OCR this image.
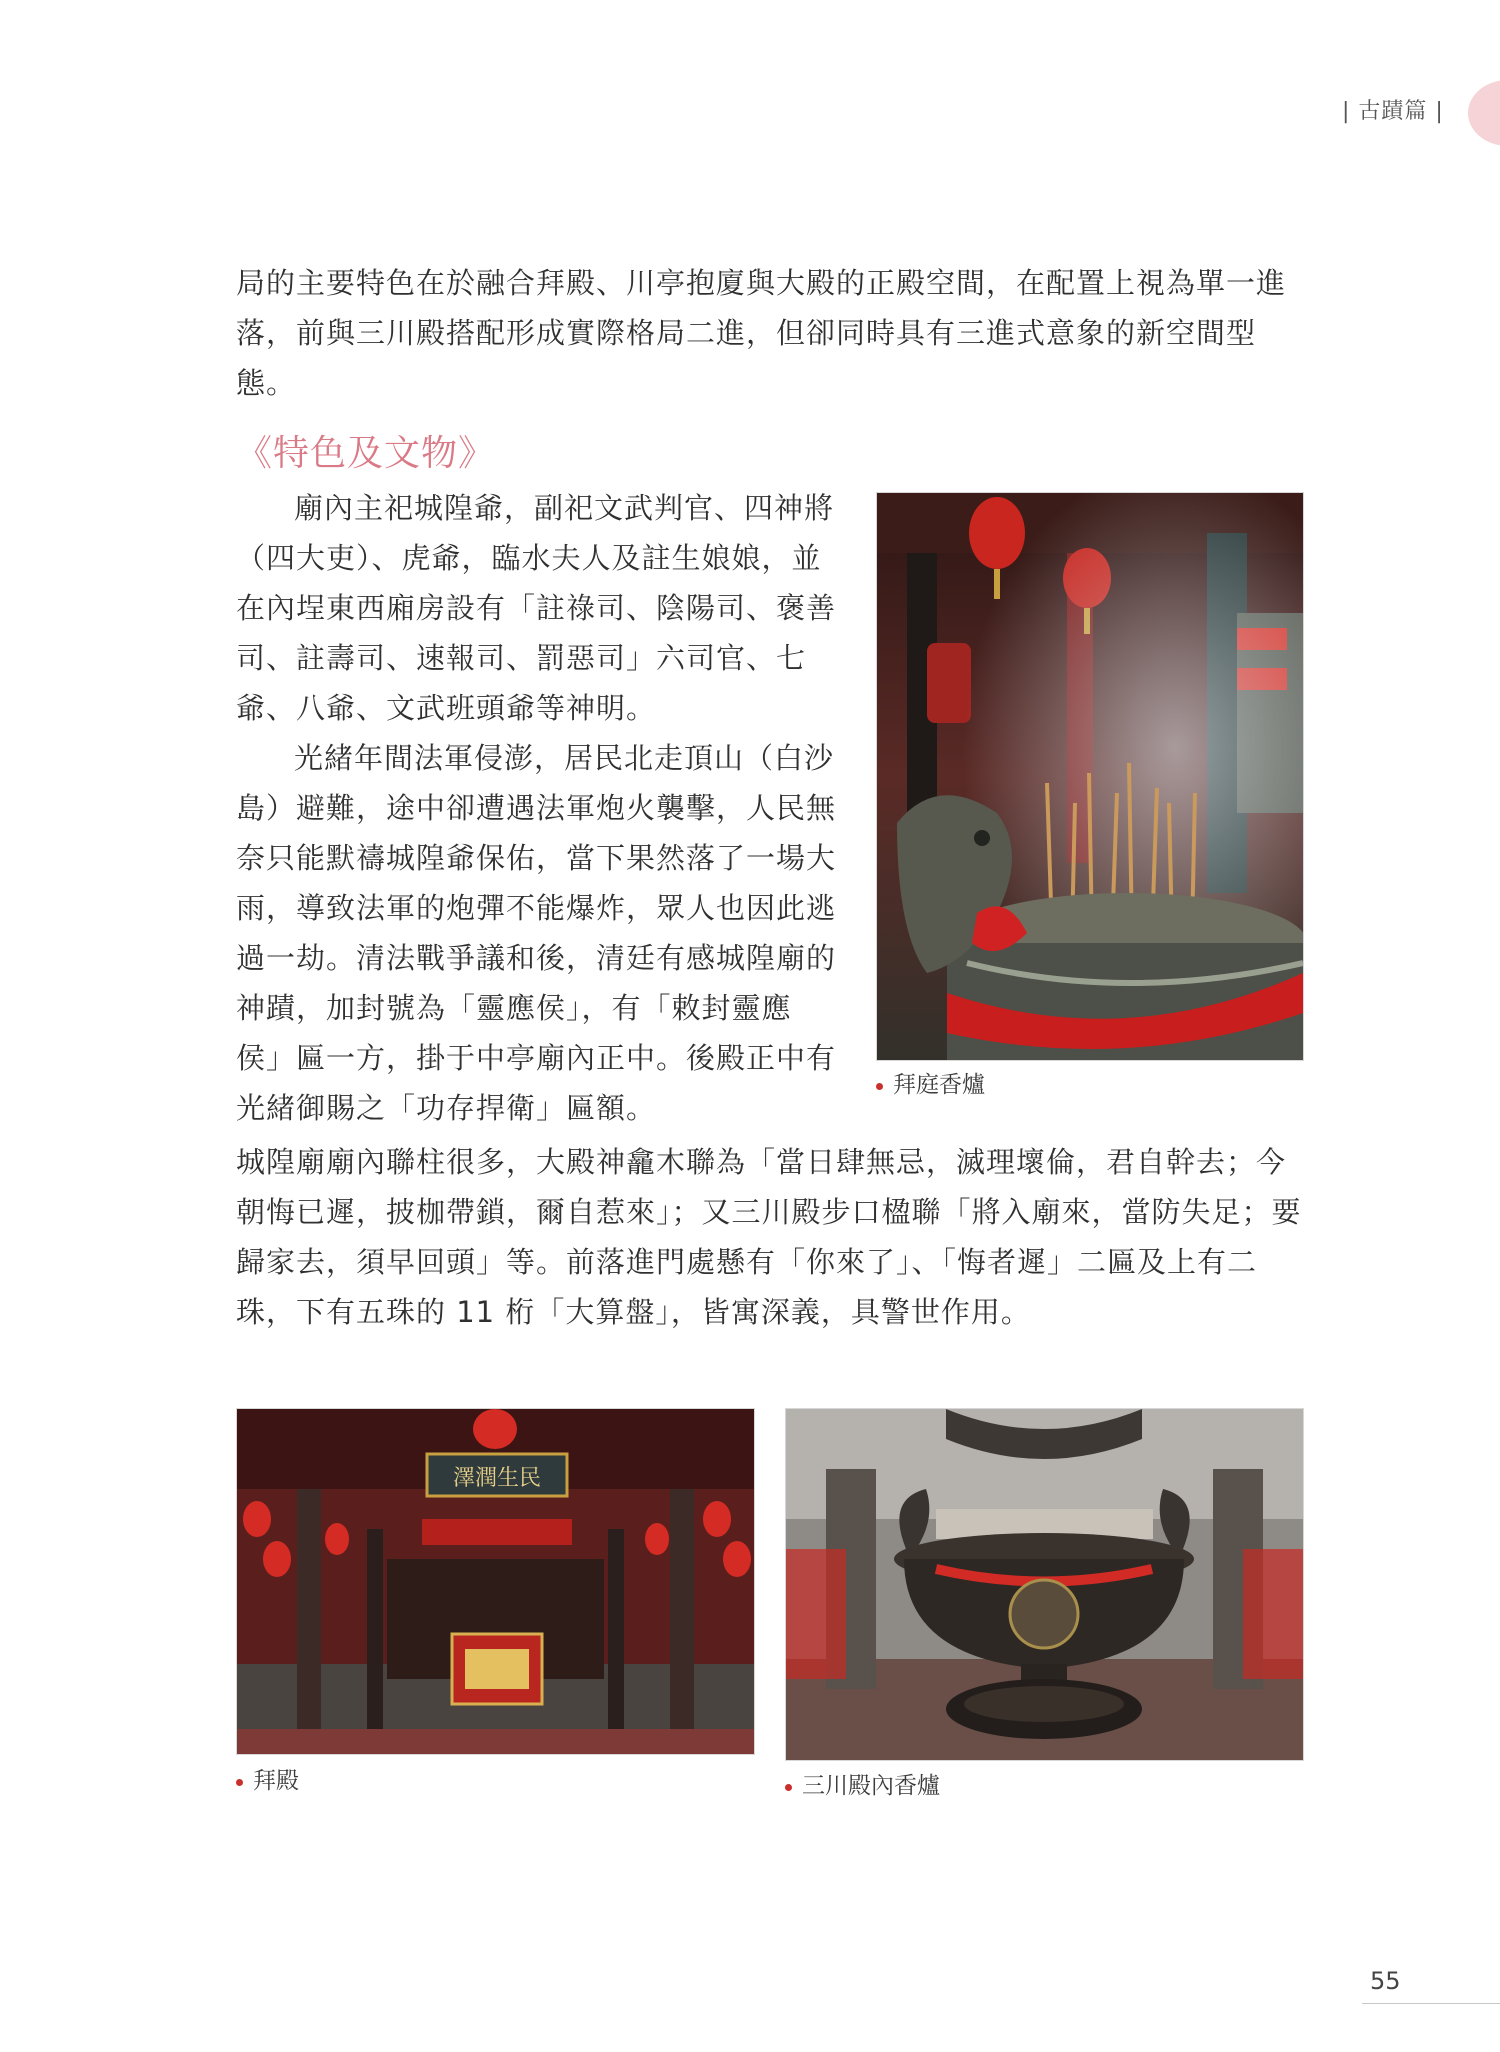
| 古蹟篇 |

局的主要特色在於融合拜殿、川亭抱廈與大殿的正殿空間，在配置上視為單一進落，前與三川殿搭配形成實際格局二進，但卻同時具有三進式意象的新空間型態。

《特色及文物》

廟內主祀城隍爺，副祀文武判官、四神將（四大吏）、虎爺，臨水夫人及註生娘娘，並在內埕東西廂房設有「註祿司、陰陽司、褒善司、註壽司、速報司、罰惡司」六司官、七爺、八爺、文武班頭爺等神明。

光緒年間法軍侵澎，居民北走頂山（白沙島）避難，途中卻遭遇法軍炮火襲擊，人民無奈只能默禱城隍爺保佑，當下果然落了一場大雨，導致法軍的炮彈不能爆炸，眾人也因此逃過一劫。清法戰爭議和後，清廷有感城隍廟的神蹟，加封號為「靈應侯」，有「敕封靈應侯」匾一方，掛于中亭廟內正中。後殿正中有光緒御賜之「功存捍衛」匾額。

城隍廟廟內聯柱很多，大殿神龕木聯為「當日肆無忌，滅理壞倫，君自幹去；今朝悔已遲，披枷帶鎖，爾自惹來」；又三川殿步口楹聯「將入廟來，當防失足；要歸家去，須早回頭」等。前落進門處懸有「你來了」、「悔者遲」二匾及上有二珠，下有五珠的 11 桁「大算盤」，皆寓深義，具警世作用。

拜庭香爐
澤潤生民
拜殿	三川殿內香爐
55
